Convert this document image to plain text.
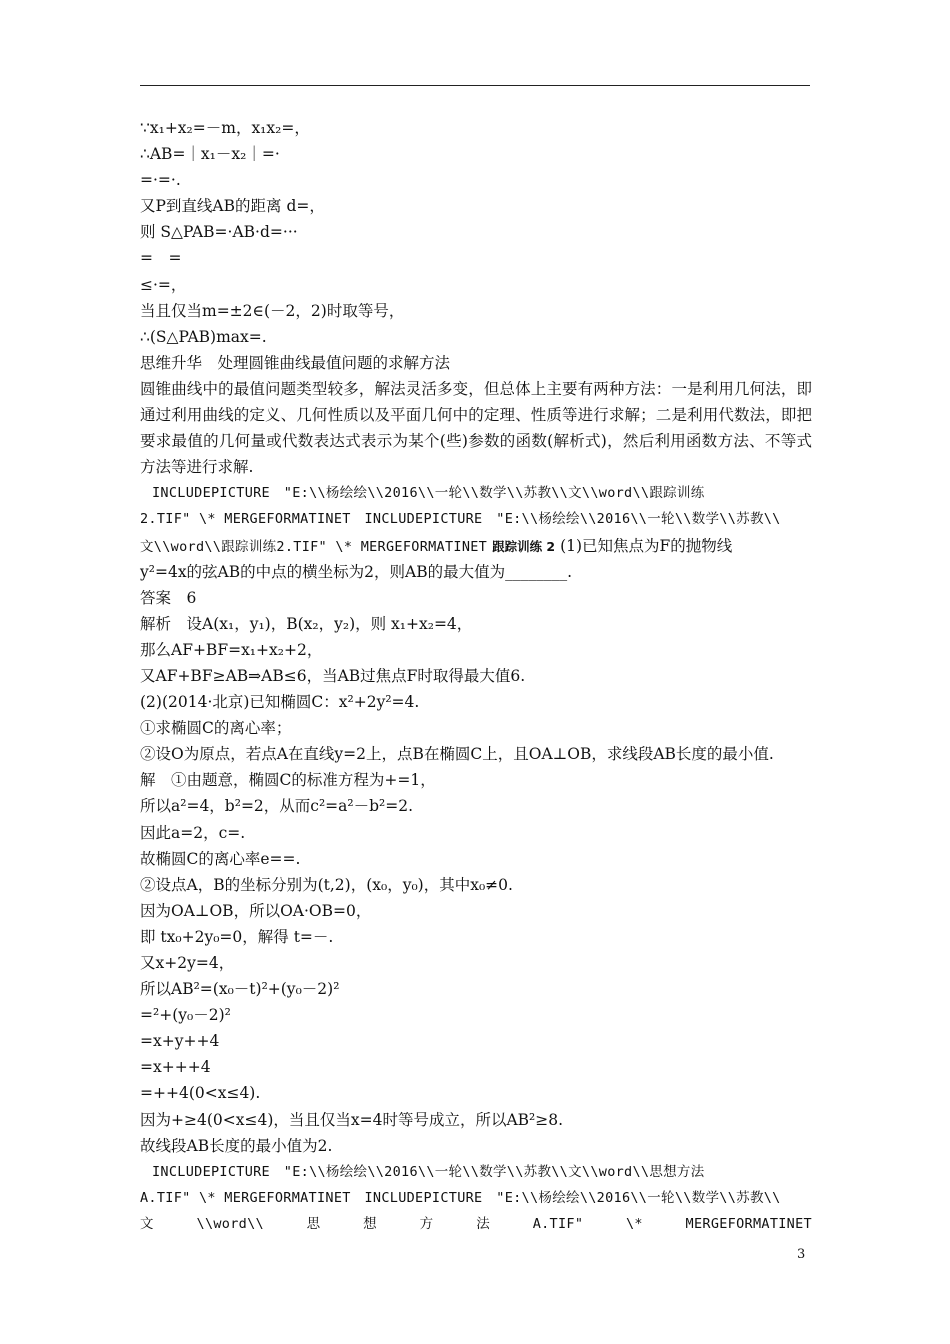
∵x₁+x₂=－m，x₁x₂=，
∴AB=｜x₁－x₂｜=·
=·=·.
又P到直线AB的距离 d=，
则 S△PAB=·AB·d=···
=　=
≤·=，
当且仅当m=±2∈(－2，2)时取等号，
∴(S△PAB)max=.
思维升华　处理圆锥曲线最值问题的求解方法
圆锥曲线中的最值问题类型较多，解法灵活多变，但总体上主要有两种方法：一是利用几何法，即通过利用曲线的定义、几何性质以及平面几何中的定理、性质等进行求解；二是利用代数法，即把要求最值的几何量或代数表达式表示为某个(些)参数的函数(解析式)，然后利用函数方法、不等式方法等进行求解.
INCLUDEPICTURE　"E:\\杨绘绘\\2016\\一轮\\数学\\苏教\\文\\word\\跟踪训练
2.TIF" \* MERGEFORMATINET　INCLUDEPICTURE　"E:\\杨绘绘\\2016\\一轮\\数学\\苏教\\
文\\word\\跟踪训练2.TIF" \* MERGEFORMATINET 跟踪训练 2 (1)已知焦点为F的抛物线
y²=4x的弦AB的中点的横坐标为2，则AB的最大值为________.
答案　6
解析　设A(x₁，y₁)，B(x₂，y₂)，则 x₁+x₂=4，
那么AF+BF=x₁+x₂+2，
又AF+BF≥AB⇒AB≤6，当AB过焦点F时取得最大值6.
(2)(2014·北京)已知椭圆C：x²+2y²=4.
①求椭圆C的离心率；
②设O为原点，若点A在直线y=2上，点B在椭圆C上，且OA⊥OB，求线段AB长度的最小值.
解　①由题意，椭圆C的标准方程为+=1，
所以a²=4，b²=2，从而c²=a²－b²=2.
因此a=2，c=.
故椭圆C的离心率e==.
②设点A，B的坐标分别为(t,2)，(x₀，y₀)，其中x₀≠0.
因为OA⊥OB，所以OA·OB=0，
即 tx₀+2y₀=0，解得 t=－.
又x+2y=4，
所以AB²=(x₀－t)²+(y₀－2)²
=²+(y₀－2)²
=x+y++4
=x+++4
=++4(0<x≤4).
因为+≥4(0<x≤4)，当且仅当x=4时等号成立，所以AB²≥8.
故线段AB长度的最小值为2.
INCLUDEPICTURE　"E:\\杨绘绘\\2016\\一轮\\数学\\苏教\\文\\word\\思想方法
A.TIF" \* MERGEFORMATINET　INCLUDEPICTURE　"E:\\杨绘绘\\2016\\一轮\\数学\\苏教\\
文	\\word\\	思	想	方	法	A.TIF"	\*	MERGEFORMATINET
3
